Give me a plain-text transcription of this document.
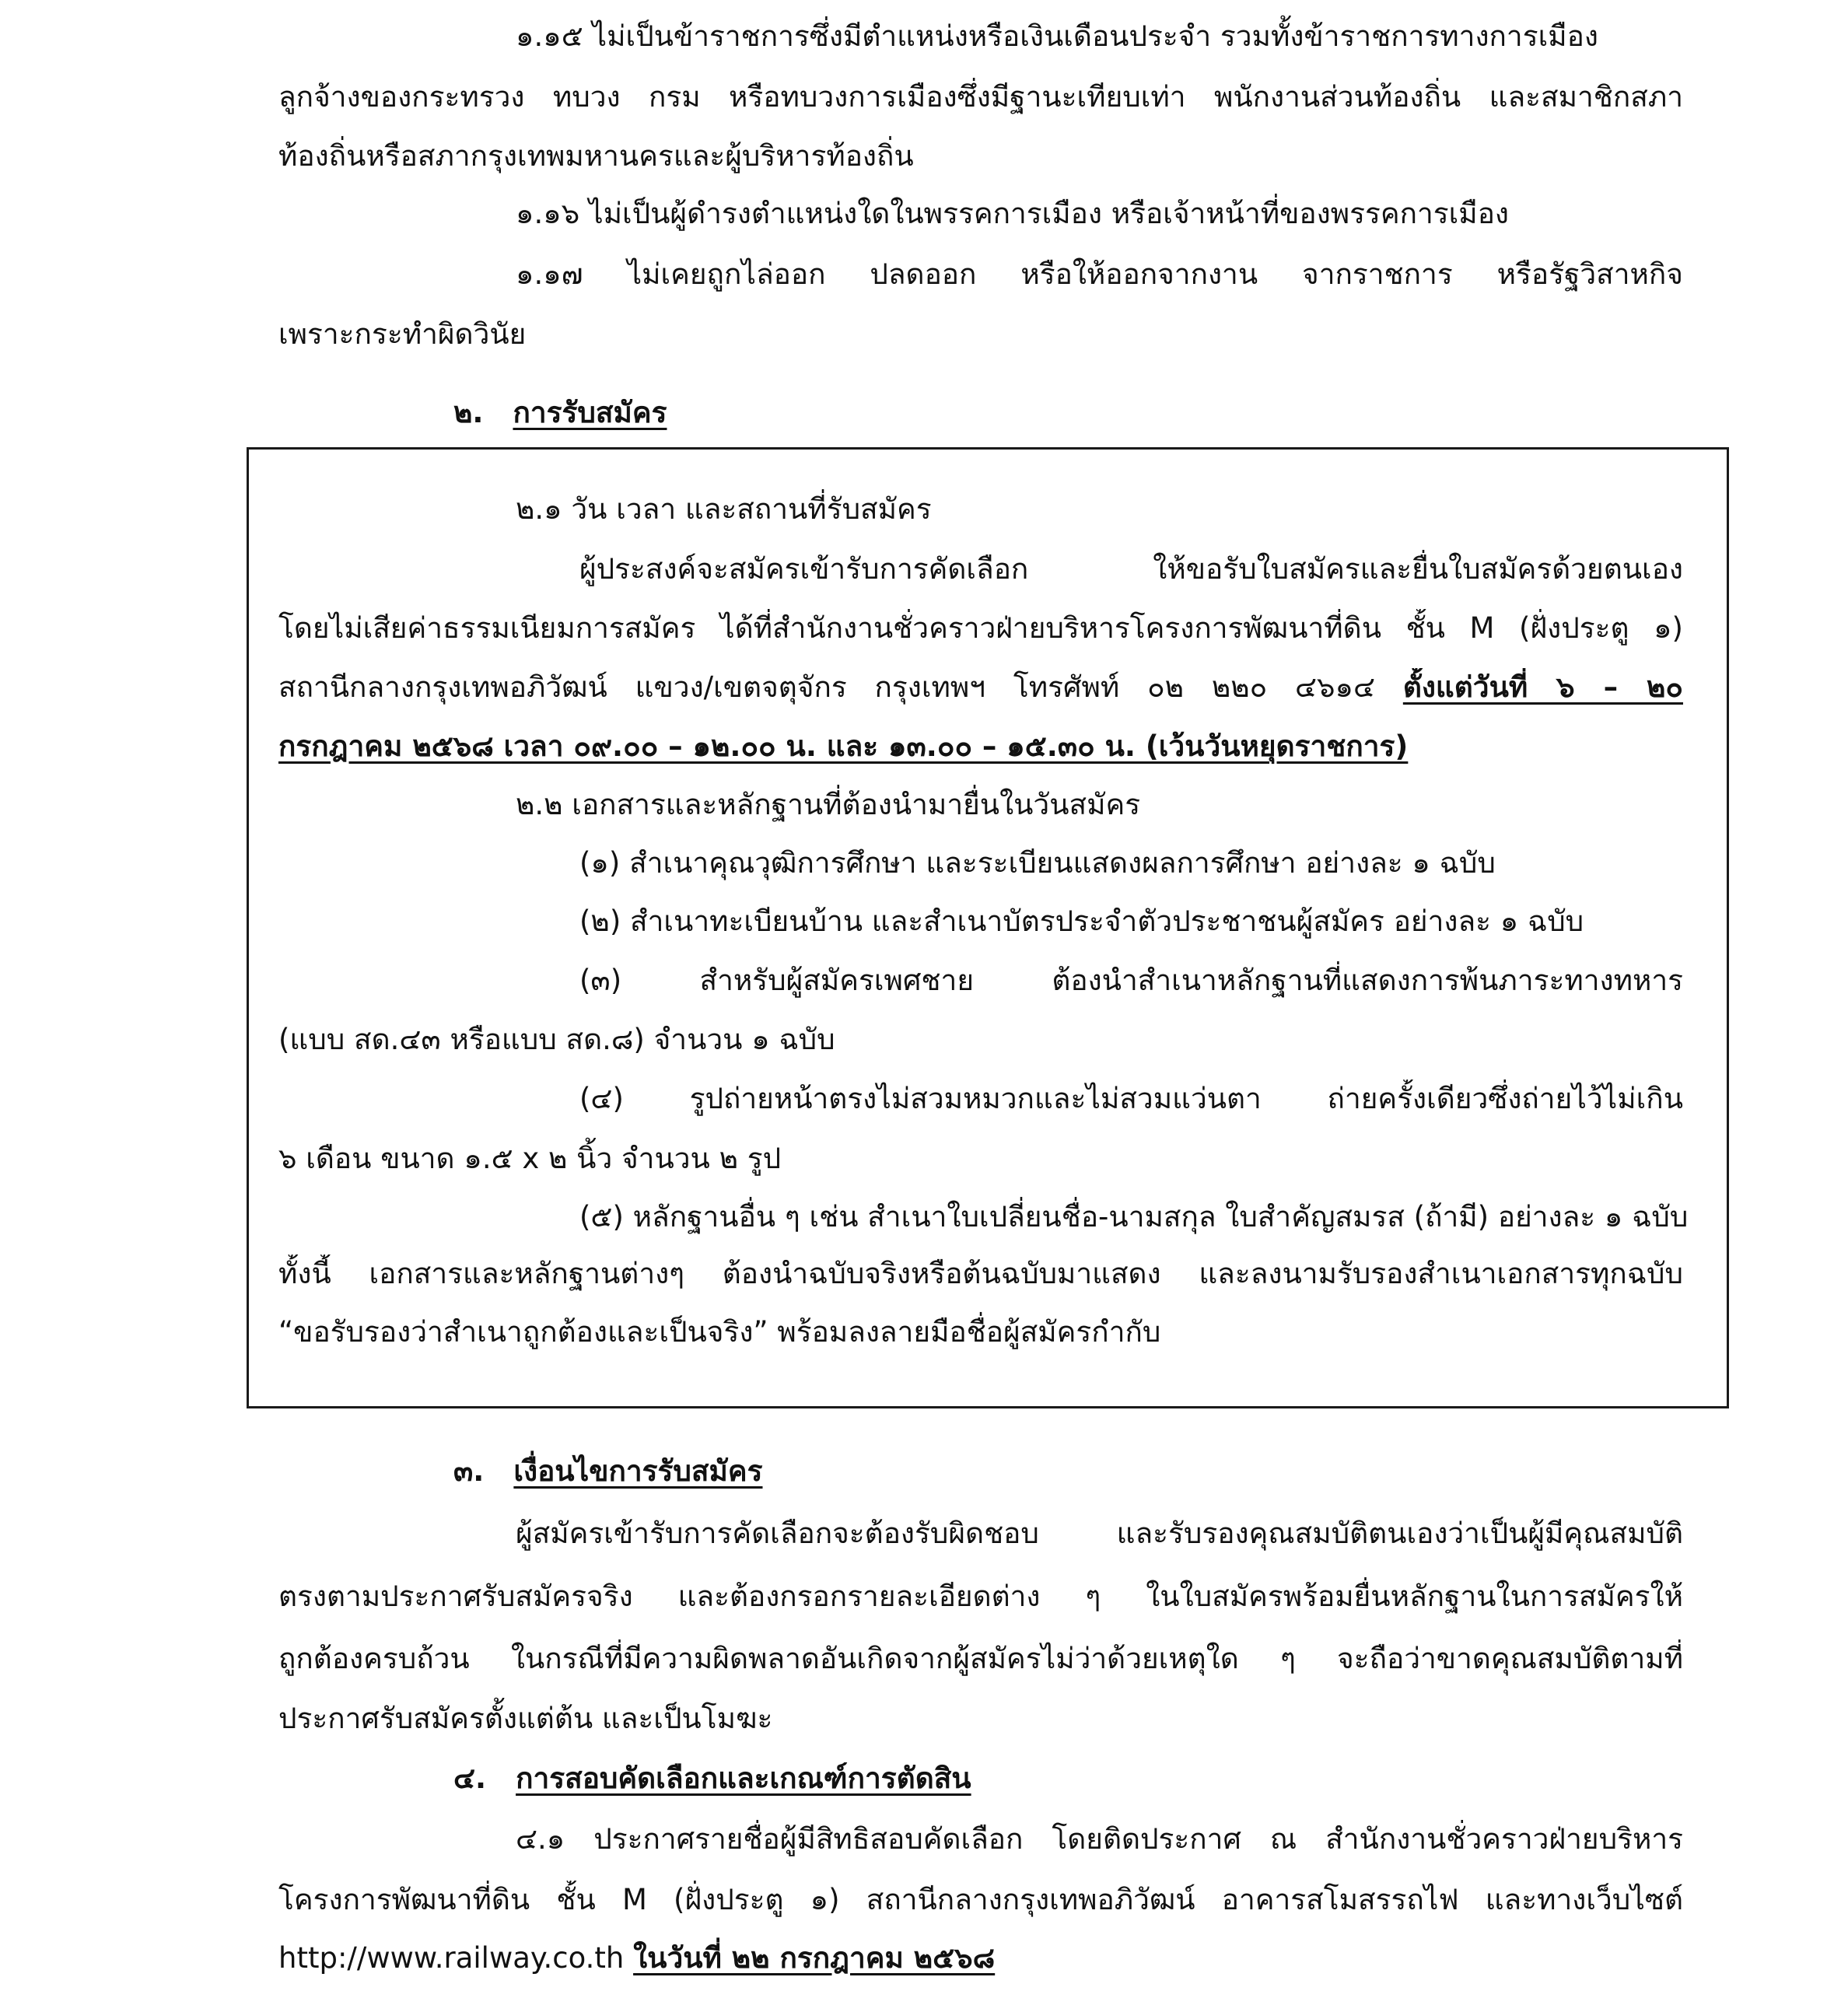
๑.๑๕ ไม่เป็นข้าราชการซึ่งมีตำแหน่งหรือเงินเดือนประจำ รวมทั้งข้าราชการทางการเมือง
ลูกจ้างของกระทรวง ทบวง กรม หรือทบวงการเมืองซึ่งมีฐานะเทียบเท่า พนักงานส่วนท้องถิ่น และสมาชิกสภา
ท้องถิ่นหรือสภากรุงเทพมหานครและผู้บริหารท้องถิ่น
๑.๑๖ ไม่เป็นผู้ดำรงตำแหน่งใดในพรรคการเมือง หรือเจ้าหน้าที่ของพรรคการเมือง
๑.๑๗ ไม่เคยถูกไล่ออก ปลดออก หรือให้ออกจากงาน จากราชการ หรือรัฐวิสาหกิจ
เพราะกระทำผิดวินัย
๒. การรับสมัคร
๒.๑ วัน เวลา และสถานที่รับสมัคร
ผู้ประสงค์จะสมัครเข้ารับการคัดเลือก ให้ขอรับใบสมัครและยื่นใบสมัครด้วยตนเอง
โดยไม่เสียค่าธรรมเนียมการสมัคร ได้ที่สำนักงานชั่วคราวฝ่ายบริหารโครงการพัฒนาที่ดิน ชั้น M (ฝั่งประตู ๑)
สถานีกลางกรุงเทพอภิวัฒน์ แขวง/เขตจตุจักร กรุงเทพฯ โทรศัพท์ ๐๒ ๒๒๐ ๔๖๑๔ ตั้งแต่วันที่ ๖ – ๒๐
กรกฎาคม ๒๕๖๘ เวลา ๐๙.๐๐ – ๑๒.๐๐ น. และ ๑๓.๐๐ – ๑๕.๓๐ น. (เว้นวันหยุดราชการ)
๒.๒ เอกสารและหลักฐานที่ต้องนำมายื่นในวันสมัคร
(๑) สำเนาคุณวุฒิการศึกษา และระเบียนแสดงผลการศึกษา อย่างละ ๑ ฉบับ
(๒) สำเนาทะเบียนบ้าน และสำเนาบัตรประจำตัวประชาชนผู้สมัคร อย่างละ ๑ ฉบับ
(๓) สำหรับผู้สมัครเพศชาย ต้องนำสำเนาหลักฐานที่แสดงการพ้นภาระทางทหาร
(แบบ สด.๔๓ หรือแบบ สด.๘) จำนวน ๑ ฉบับ
(๔) รูปถ่ายหน้าตรงไม่สวมหมวกและไม่สวมแว่นตา ถ่ายครั้งเดียวซึ่งถ่ายไว้ไม่เกิน
๖ เดือน ขนาด ๑.๕ x ๒ นิ้ว จำนวน ๒ รูป
(๕) หลักฐานอื่น ๆ เช่น สำเนาใบเปลี่ยนชื่อ-นามสกุล ใบสำคัญสมรส (ถ้ามี) อย่างละ ๑ ฉบับ
ทั้งนี้ เอกสารและหลักฐานต่างๆ ต้องนำฉบับจริงหรือต้นฉบับมาแสดง และลงนามรับรองสำเนาเอกสารทุกฉบับ
“ขอรับรองว่าสำเนาถูกต้องและเป็นจริง” พร้อมลงลายมือชื่อผู้สมัครกำกับ
๓. เงื่อนไขการรับสมัคร
ผู้สมัครเข้ารับการคัดเลือกจะต้องรับผิดชอบ และรับรองคุณสมบัติตนเองว่าเป็นผู้มีคุณสมบัติ
ตรงตามประกาศรับสมัครจริง และต้องกรอกรายละเอียดต่าง ๆ ในใบสมัครพร้อมยื่นหลักฐานในการสมัครให้
ถูกต้องครบถ้วน ในกรณีที่มีความผิดพลาดอันเกิดจากผู้สมัครไม่ว่าด้วยเหตุใด ๆ จะถือว่าขาดคุณสมบัติตามที่
ประกาศรับสมัครตั้งแต่ต้น และเป็นโมฆะ
๔. การสอบคัดเลือกและเกณฑ์การตัดสิน
๔.๑ ประกาศรายชื่อผู้มีสิทธิสอบคัดเลือก โดยติดประกาศ ณ สำนักงานชั่วคราวฝ่ายบริหาร
โครงการพัฒนาที่ดิน ชั้น M (ฝั่งประตู ๑) สถานีกลางกรุงเทพอภิวัฒน์ อาคารสโมสรรถไฟ และทางเว็บไซต์
http://www.railway.co.th ในวันที่ ๒๒ กรกฎาคม ๒๕๖๘
